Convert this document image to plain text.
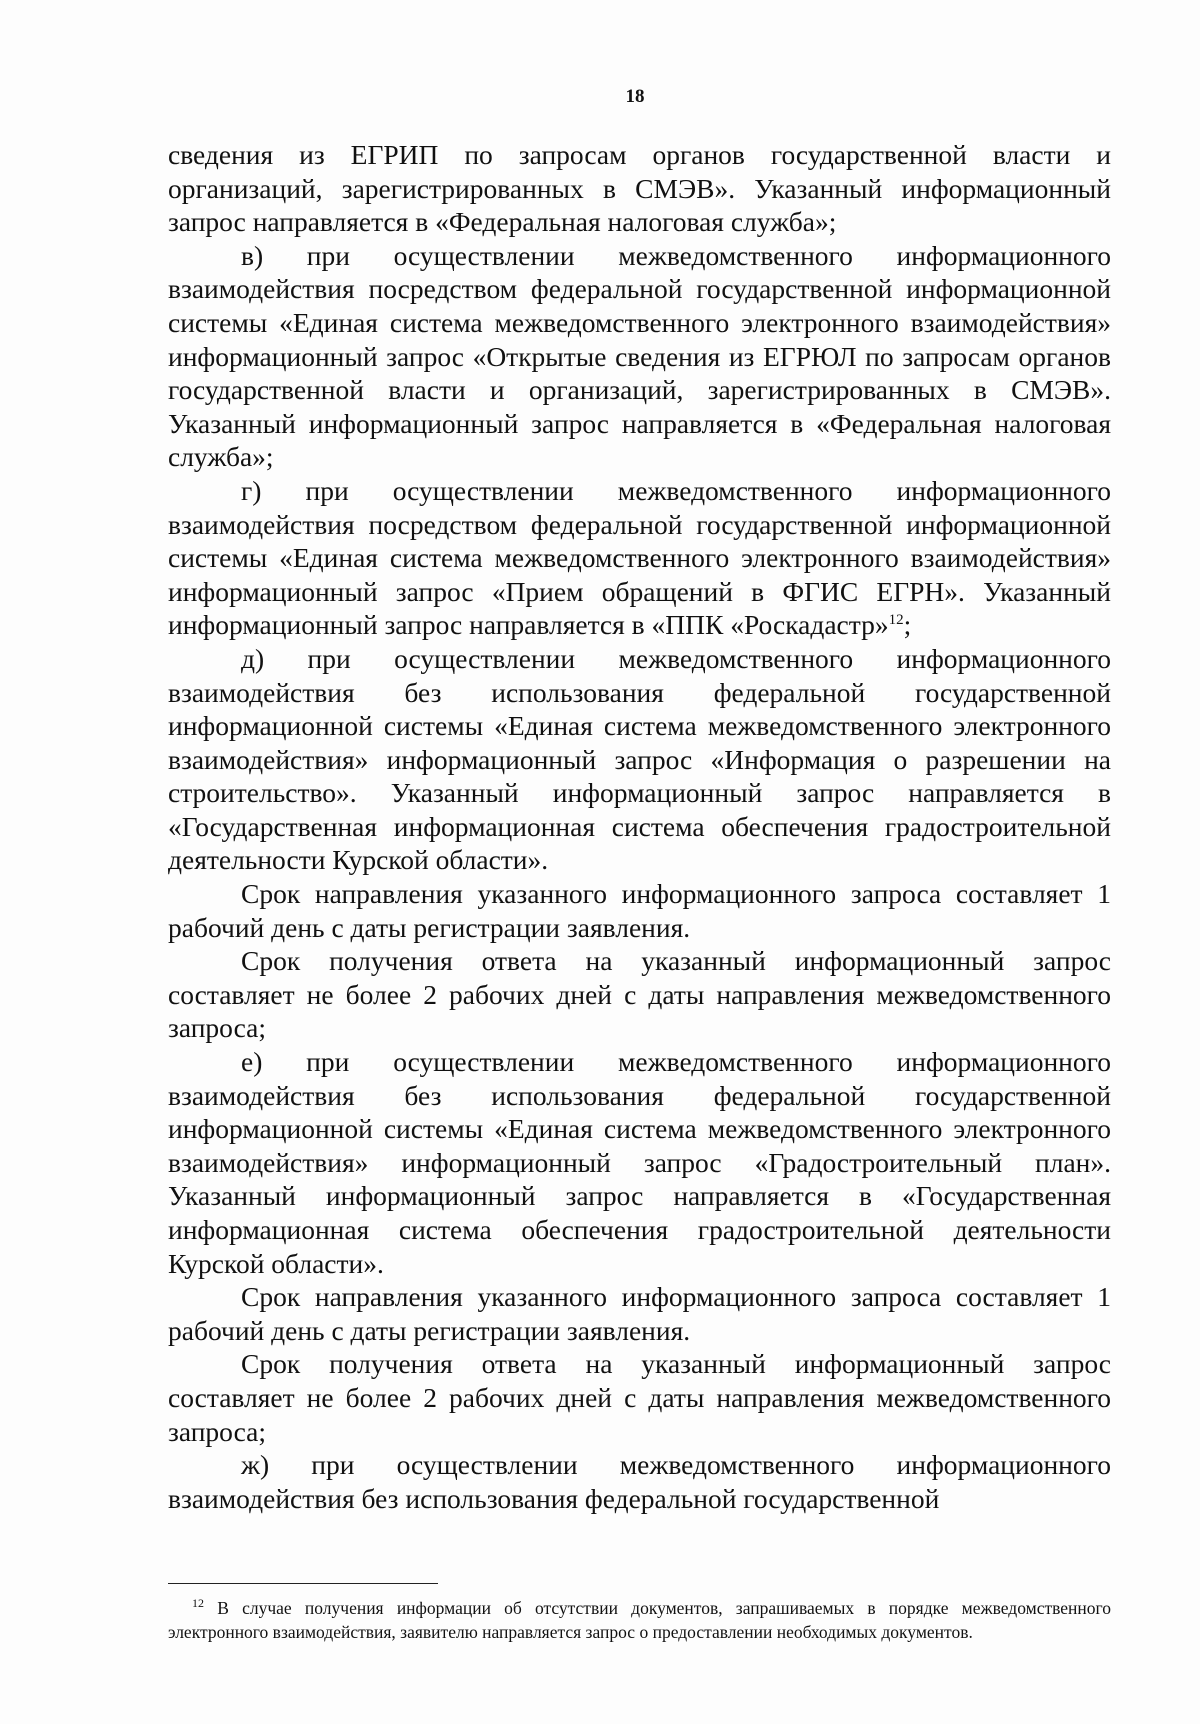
18

сведения из ЕГРИП по запросам органов государственной власти и организаций, зарегистрированных в СМЭВ». Указанный информационный запрос направляется в «Федеральная налоговая служба»;

в) при осуществлении межведомственного информационного взаимодействия посредством федеральной государственной информационной системы «Единая система межведомственного электронного взаимодействия» информационный запрос «Открытые сведения из ЕГРЮЛ по запросам органов государственной власти и организаций, зарегистрированных в СМЭВ». Указанный информационный запрос направляется в «Федеральная налоговая служба»;

г) при осуществлении межведомственного информационного взаимодействия посредством федеральной государственной информационной системы «Единая система межведомственного электронного взаимодействия» информационный запрос «Прием обращений в ФГИС ЕГРН». Указанный информационный запрос направляется в «ППК «Роскадастр»$^{12}$;

д) при осуществлении межведомственного информационного взаимодействия без использования федеральной государственной информационной системы «Единая система межведомственного электронного взаимодействия» информационный запрос «Информация о разрешении на строительство». Указанный информационный запрос направляется в «Государственная информационная система обеспечения градостроительной деятельности Курской области».

Срок направления указанного информационного запроса составляет 1 рабочий день с даты регистрации заявления.

Срок получения ответа на указанный информационный запрос составляет не более 2 рабочих дней с даты направления межведомственного запроса;

е) при осуществлении межведомственного информационного взаимодействия без использования федеральной государственной информационной системы «Единая система межведомственного электронного взаимодействия» информационный запрос «Градостроительный план». Указанный информационный запрос направляется в «Государственная информационная система обеспечения градостроительной деятельности Курской области».

Срок направления указанного информационного запроса составляет 1 рабочий день с даты регистрации заявления.

Срок получения ответа на указанный информационный запрос составляет не более 2 рабочих дней с даты направления межведомственного запроса;

ж) при осуществлении межведомственного информационного взаимодействия без использования федеральной государственной

$^{12}$ В случае получения информации об отсутствии документов, запрашиваемых в порядке межведомственного электронного взаимодействия, заявителю направляется запрос о предоставлении необходимых документов.
